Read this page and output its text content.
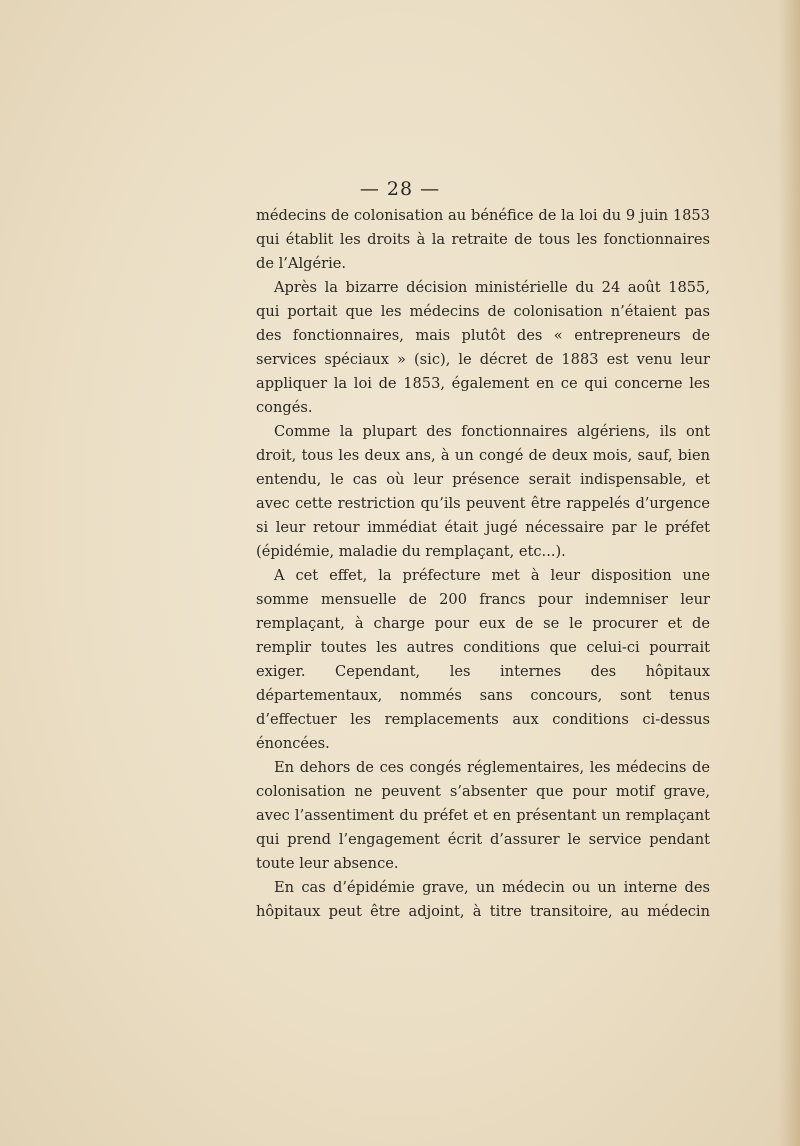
— 28 —

médecins de colonisation au bénéfice de la loi du 9 juin 1853 qui établit les droits à la retraite de tous les fonctionnaires de l’Algérie.

Après la bizarre décision ministérielle du 24 août 1855, qui portait que les médecins de colonisation n’étaient pas des fonctionnaires, mais plutôt des « entrepreneurs de services spéciaux » (sic), le décret de 1883 est venu leur appliquer la loi de 1853, également en ce qui concerne les congés.

Comme la plupart des fonctionnaires algériens, ils ont droit, tous les deux ans, à un congé de deux mois, sauf, bien entendu, le cas où leur présence serait indispensable, et avec cette restriction qu’ils peuvent être rappelés d’urgence si leur retour immédiat était jugé nécessaire par le préfet (épidémie, maladie du remplaçant, etc...).

A cet effet, la préfecture met à leur disposition une somme mensuelle de 200 francs pour indemniser leur remplaçant, à charge pour eux de se le procurer et de remplir toutes les autres conditions que celui-ci pourrait exiger. Cependant, les internes des hôpitaux départementaux, nommés sans concours, sont tenus d’effectuer les remplacements aux conditions ci-dessus énoncées.

En dehors de ces congés réglementaires, les médecins de colonisation ne peuvent s’absenter que pour motif grave, avec l’assentiment du préfet et en présentant un remplaçant qui prend l’engagement écrit d’assurer le service pendant toute leur absence.

En cas d’épidémie grave, un médecin ou un interne des hôpitaux peut être adjoint, à titre transitoire, au médecin
